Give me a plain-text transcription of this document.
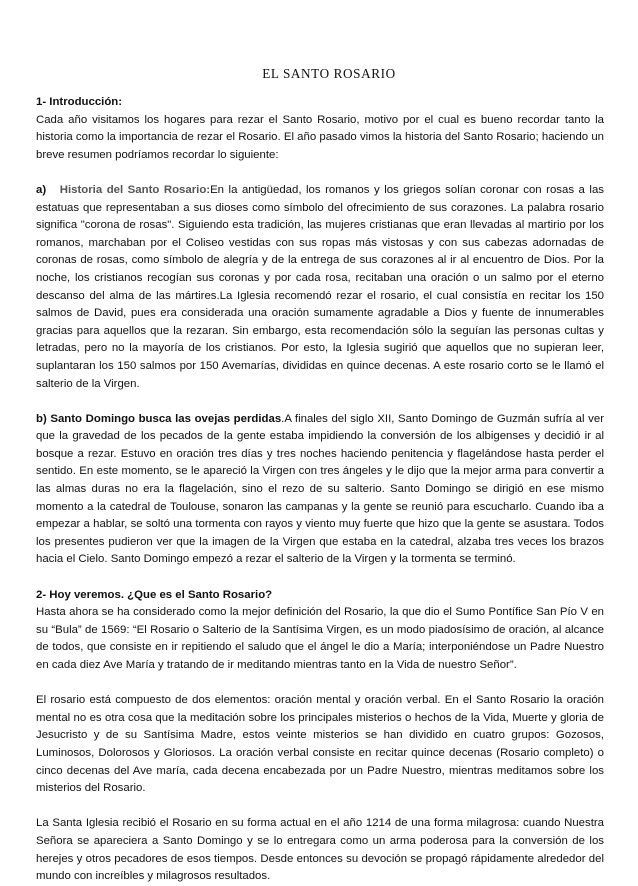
EL SANTO ROSARIO
1- Introducción:

Cada año visitamos los hogares para rezar el Santo Rosario, motivo por el cual es bueno recordar tanto la historia como la importancia de rezar el Rosario. El año pasado vimos la historia del Santo Rosario; haciendo un breve resumen podríamos recordar lo siguiente:

a) Historia del Santo Rosario:En la antigüedad, los romanos y los griegos solían coronar con rosas a las estatuas que representaban a sus dioses como símbolo del ofrecimiento de sus corazones. La palabra rosario significa "corona de rosas". Siguiendo esta tradición, las mujeres cristianas que eran llevadas al martirio por los romanos, marchaban por el Coliseo vestidas con sus ropas más vistosas y con sus cabezas adornadas de coronas de rosas, como símbolo de alegría y de la entrega de sus corazones al ir al encuentro de Dios. Por la noche, los cristianos recogían sus coronas y por cada rosa, recitaban una oración o un salmo por el eterno descanso del alma de las mártires.La Iglesia recomendó rezar el rosario, el cual consistía en recitar los 150 salmos de David, pues era considerada una oración sumamente agradable a Dios y fuente de innumerables gracias para aquellos que la rezaran. Sin embargo, esta recomendación sólo la seguían las personas cultas y letradas, pero no la mayoría de los cristianos. Por esto, la Iglesia sugirió que aquellos que no supieran leer, suplantaran los 150 salmos por 150 Avemarías, divididas en quince decenas. A este rosario corto se le llamó el salterio de la Virgen.

b) Santo Domingo busca las ovejas perdidas.A finales del siglo XII, Santo Domingo de Guzmán sufría al ver que la gravedad de los pecados de la gente estaba impidiendo la conversión de los albigenses y decidió ir al bosque a rezar. Estuvo en oración tres días y tres noches haciendo penitencia y flagelándose hasta perder el sentido. En este momento, se le apareció la Virgen con tres ángeles y le dijo que la mejor arma para convertir a las almas duras no era la flagelación, sino el rezo de su salterio. Santo Domingo se dirigió en ese mismo momento a la catedral de Toulouse, sonaron las campanas y la gente se reunió para escucharlo. Cuando iba a empezar a hablar, se soltó una tormenta con rayos y viento muy fuerte que hizo que la gente se asustara. Todos los presentes pudieron ver que la imagen de la Virgen que estaba en la catedral, alzaba tres veces los brazos hacia el Cielo. Santo Domingo empezó a rezar el salterio de la Virgen y la tormenta se terminó.

2- Hoy veremos. ¿Que es el Santo Rosario?

Hasta ahora se ha considerado como la mejor definición del Rosario, la que dio el Sumo Pontífice San Pío V en su “Bula” de 1569: “El Rosario o Salterio de la Santísima Virgen, es un modo piadosísimo de oración, al alcance de todos, que consiste en ir repitiendo el saludo que el ángel le dio a María; interponiéndose un Padre Nuestro en cada diez Ave María y tratando de ir meditando mientras tanto en la Vida de nuestro Señor”.

El rosario está compuesto de dos elementos: oración mental y oración verbal. En el Santo Rosario la oración mental no es otra cosa que la meditación sobre los principales misterios o hechos de la Vida, Muerte y gloria de Jesucristo y de su Santísima Madre, estos veinte misterios se han dividido en cuatro grupos: Gozosos, Luminosos, Dolorosos y Gloriosos. La oración verbal consiste en recitar quince decenas (Rosario completo) o cinco decenas del Ave maría, cada decena encabezada por un Padre Nuestro, mientras meditamos sobre los misterios del Rosario.

La Santa Iglesia recibió el Rosario en su forma actual en el año 1214 de una forma milagrosa: cuando Nuestra Señora se apareciera a Santo Domingo y se lo entregara como un arma poderosa para la conversión de los herejes y otros pecadores de esos tiempos. Desde entonces su devoción se propagó rápidamente alrededor del mundo con increíbles y milagrosos resultados.
